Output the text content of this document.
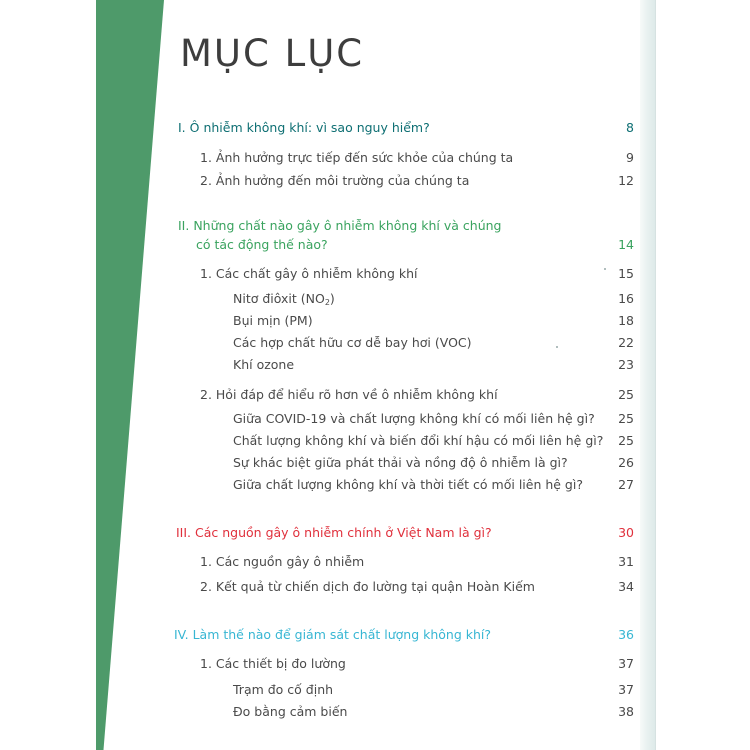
MỤC LỤC
I. Ô nhiễm không khí: vì sao nguy hiểm?	8
1. Ảnh hưởng trực tiếp đến sức khỏe của chúng ta	9
2. Ảnh hưởng đến môi trường của chúng ta	12
II. Những chất nào gây ô nhiễm không khí và chúng
có tác động thế nào?	14
1. Các chất gây ô nhiễm không khí	15
Nitơ điôxit $(NO_2)$	16
Bụi mịn (PM)	18
Các hợp chất hữu cơ dễ bay hơi (VOC)	22
Khí ozone	23
2. Hỏi đáp để hiểu rõ hơn về ô nhiễm không khí	25
Giữa COVID-19 và chất lượng không khí có mối liên hệ gì? 25
Chất lượng không khí và biến đổi khí hậu có mối liên hệ gì? 25
Sự khác biệt giữa phát thải và nồng độ ô nhiễm là gì?	26
Giữa chất lượng không khí và thời tiết có mối liên hệ gì?	27
III. Các nguồn gây ô nhiễm chính ở Việt Nam là gì?	30
1. Các nguồn gây ô nhiễm	31
2. Kết quả từ chiến dịch đo lường tại quận Hoàn Kiếm	34
IV. Làm thế nào để giám sát chất lượng không khí?	36
1. Các thiết bị đo lường	37
Trạm đo cố định	37
Đo bằng cảm biến	38
